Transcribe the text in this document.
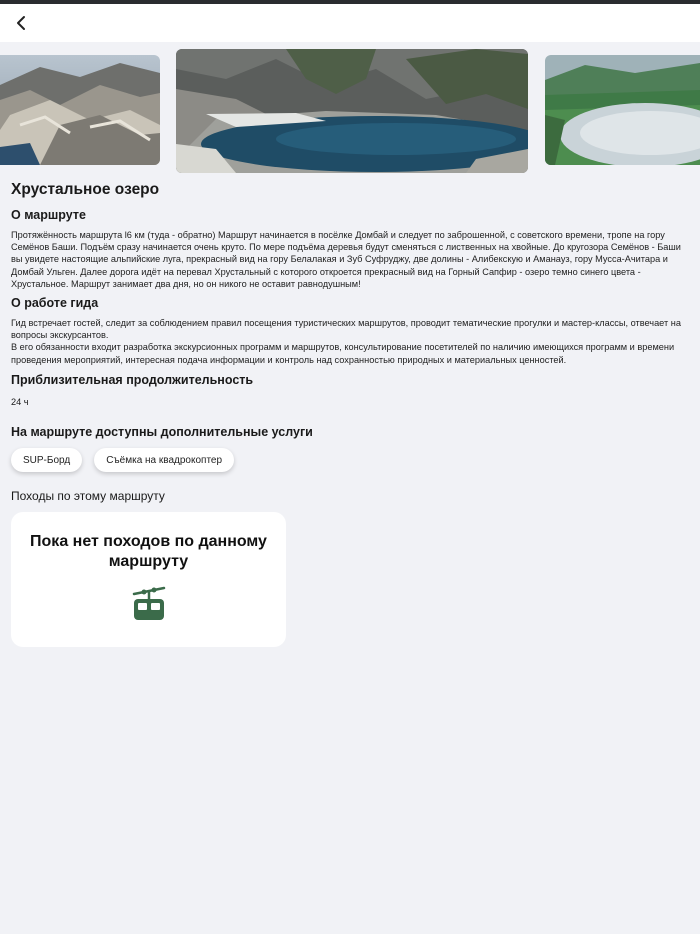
Хрустальное озеро
О маршруте

Протяжённость маршрута l6 км (туда - обратно) Маршрут начинается в посёлке Домбай и следует по заброшенной, с советского времени, тропе на гору Семёнов Баши. Подъём сразу начинается очень круто. По мере подъёма деревья будут сменяться с лиственных на хвойные. До кругозора Семёнов - Баши вы увидете настоящие альпийские луга, прекрасный вид на гору Белалакая и Зуб Суфруджу, две долины - Алибекскую и Аманауз, гору Мусса-Ачитара и Домбай Ульген. Далее дорога идёт на перевал Хрустальный с которого откроется прекрасный вид на Горный Сапфир - озеро темно синего цвета - Хрустальное. Маршрут занимает два дня, но он никого не оставит равнодушным!

О работе гида

Гид встречает гостей, следит за соблюдением правил посещения туристических маршрутов, проводит тематические прогулки и мастер-классы, отвечает на вопросы экскурсантов.

В его обязанности входит разработка экскурсионных программ и маршрутов, консультирование посетителей по наличию имеющихся программ и времени проведения мероприятий, интересная подача информации и контроль над сохранностью природных и материальных ценностей.

Приблизительная продолжительность
24 ч
На маршруте доступны дополнительные услуги
SUP-Борд	Съёмка на квадрокоптер
Походы по этому маршруту
Пока нет походов по данному маршруту
